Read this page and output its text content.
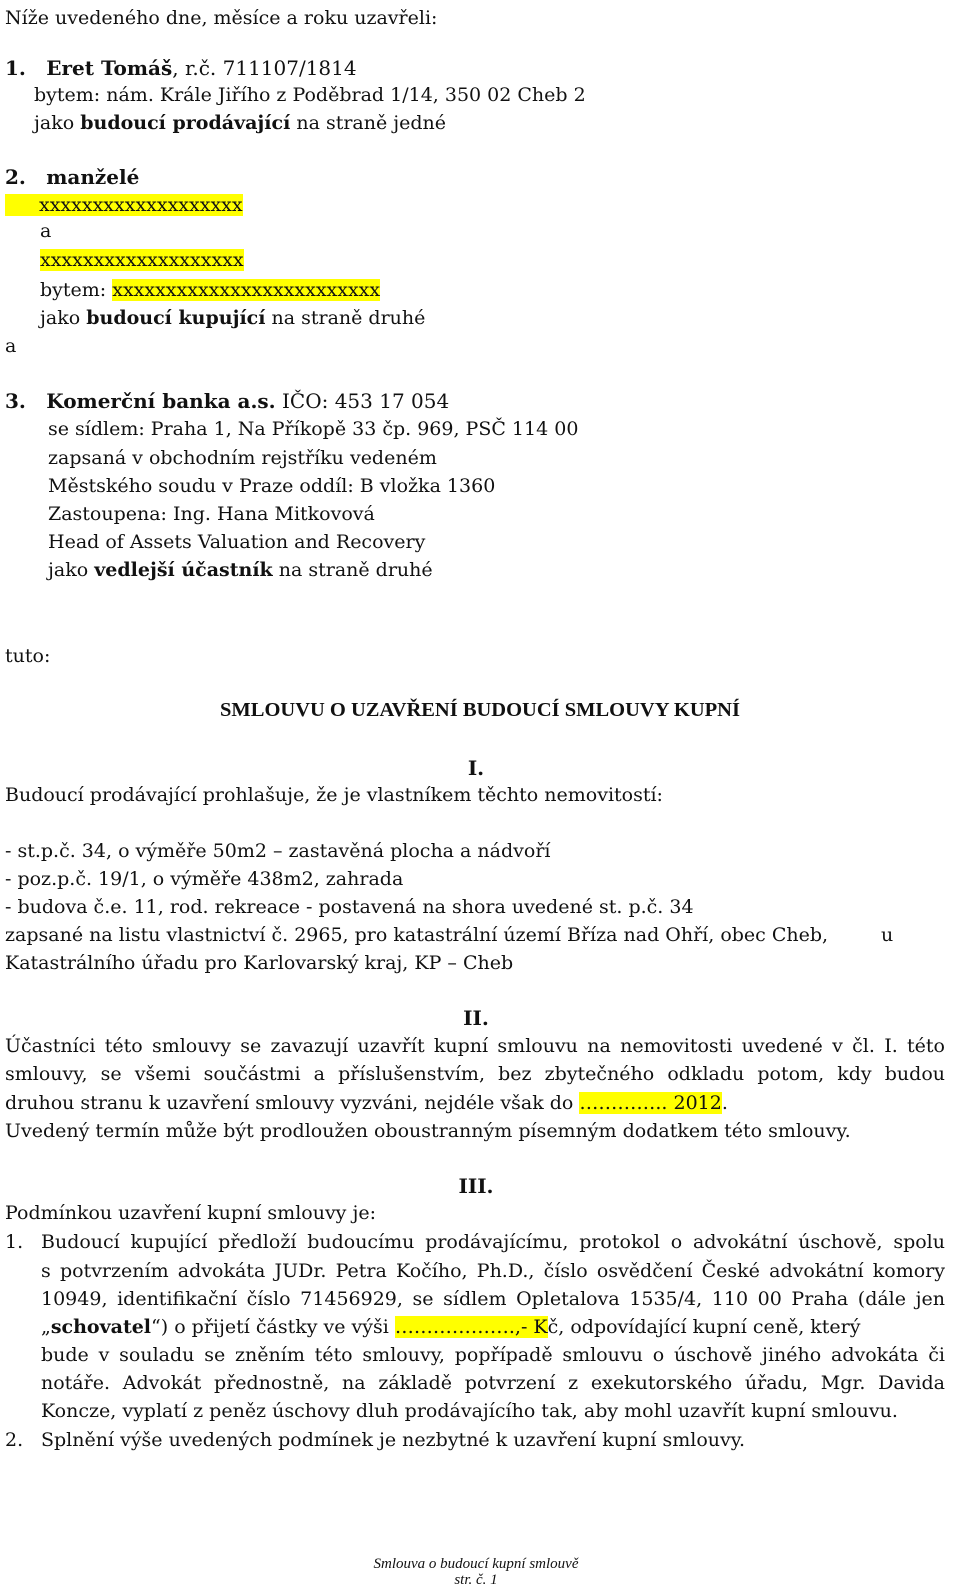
Níže uvedeného dne, měsíce a roku uzavřeli:
1. Eret Tomáš, r.č. 711107/1814
bytem: nám. Krále Jiřího z Poděbrad 1/14, 350 02 Cheb 2
jako budoucí prodávající na straně jedné
2. manželé
xxxxxxxxxxxxxxxxxxx
a
xxxxxxxxxxxxxxxxxxx
bytem: xxxxxxxxxxxxxxxxxxxxxxxxx
jako budoucí kupující na straně druhé
a
3. Komerční banka a.s. IČO: 453 17 054
se sídlem: Praha 1, Na Příkopě 33 čp. 969, PSČ 114 00
zapsaná v obchodním rejstříku vedeném
Městského soudu v Praze oddíl: B vložka 1360
Zastoupena: Ing. Hana Mitkovová
Head of Assets Valuation and Recovery
jako vedlejší účastník na straně druhé
tuto:
SMLOUVU O UZAVŘENÍ BUDOUCÍ SMLOUVY KUPNÍ
I.
Budoucí prodávající prohlašuje, že je vlastníkem těchto nemovitostí:
- st.p.č. 34, o výměře 50m2 – zastavěná plocha a nádvoří
- poz.p.č. 19/1, o výměře 438m2, zahrada
- budova č.e. 11, rod. rekreace - postavená na shora uvedené st. p.č. 34
zapsané na listu vlastnictví č. 2965, pro katastrální území Bříza nad Ohří, obec Cheb,	u
Katastrálního úřadu pro Karlovarský kraj, KP – Cheb
II.
Účastníci této smlouvy se zavazují uzavřít kupní smlouvu na nemovitosti uvedené v čl. I. této
smlouvy, se všemi součástmi a příslušenstvím, bez zbytečného odkladu potom, kdy budou
druhou stranu k uzavření smlouvy vyzváni, nejdéle však do ………….. 2012.
Uvedený termín může být prodloužen oboustranným písemným dodatkem této smlouvy.
III.
Podmínkou uzavření kupní smlouvy je:
1. Budoucí kupující předloží budoucímu prodávajícímu, protokol o advokátní úschově, spolu
s potvrzením advokáta JUDr. Petra Kočího, Ph.D., číslo osvědčení České advokátní komory
10949, identifikační číslo 71456929, se sídlem Opletalova 1535/4, 110 00 Praha (dále jen
„schovatel“) o přijetí částky ve výši ……………….,- Kč, odpovídající kupní ceně, který
bude v souladu se zněním této smlouvy, popřípadě smlouvu o úschově jiného advokáta či
notáře. Advokát přednostně, na základě potvrzení z exekutorského úřadu, Mgr. Davida
Koncze, vyplatí z peněz úschovy dluh prodávajícího tak, aby mohl uzavřít kupní smlouvu.
2. Splnění výše uvedených podmínek je nezbytné k uzavření kupní smlouvy.
Smlouva o budoucí kupní smlouvě
str. č. 1
